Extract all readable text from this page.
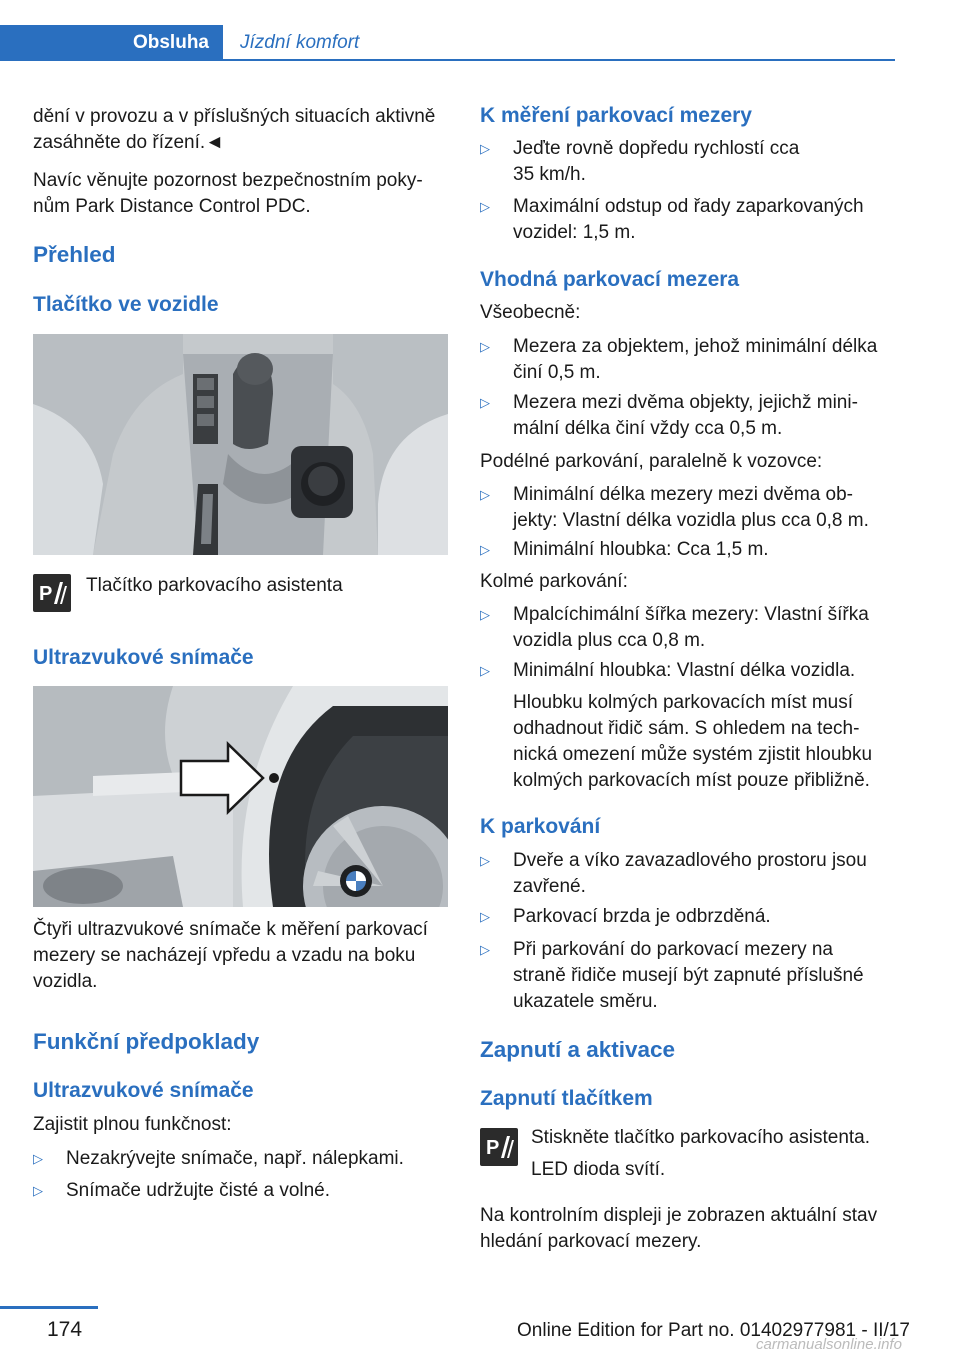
Obsluha Jízdní komfort
dění v provozu a v příslušných situacích aktivně
zasáhněte do řízení.◄
Navíc věnujte pozornost bezpečnostním poky‐
nům Park Distance Control PDC.
Přehled
Tlačítko ve vozidle
P Tlačítko parkovacího asistenta
Ultrazvukové snímače
Čtyři ultrazvukové snímače k měření parkovací
mezery se nacházejí vpředu a vzadu na boku
vozidla.
Funkční předpoklady
Ultrazvukové snímače
Zajistit plnou funkčnost:
▷ Nezakrývejte snímače, např. nálepkami.
▷ Snímače udržujte čisté a volné.
K měření parkovací mezery
▷ Jeďte rovně dopředu rychlostí cca
35 km/h.
▷ Maximální odstup od řady zaparkovaných
vozidel: 1,5 m.
Vhodná parkovací mezera
Všeobecně:
▷ Mezera za objektem, jehož minimální délka
činí 0,5 m.
▷ Mezera mezi dvěma objekty, jejichž mini‐
mální délka činí vždy cca 0,5 m.
Podélné parkování, paralelně k vozovce:
▷ Minimální délka mezery mezi dvěma ob‐
jekty: Vlastní délka vozidla plus cca 0,8 m.
▷ Minimální hloubka: Cca 1,5 m.
Kolmé parkování:
▷ Mpalcíchimální šířka mezery: Vlastní šířka
vozidla plus cca 0,8 m.
▷ Minimální hloubka: Vlastní délka vozidla.
Hloubku kolmých parkovacích míst musí
odhadnout řidič sám. S ohledem na tech‐
nická omezení může systém zjistit hloubku
kolmých parkovacích míst pouze přibližně.
K parkování
▷ Dveře a víko zavazadlového prostoru jsou
zavřené.
▷ Parkovací brzda je odbrzděná.
▷ Při parkování do parkovací mezery na
straně řidiče musejí být zapnuté příslušné
ukazatele směru.
Zapnutí a aktivace
Zapnutí tlačítkem
P Stiskněte tlačítko parkovacího asistenta.
LED dioda svítí.
Na kontrolním displeji je zobrazen aktuální stav
hledání parkovací mezery.
174	Online Edition for Part no. 01402977981 - II/17
carmanualsonline.info
